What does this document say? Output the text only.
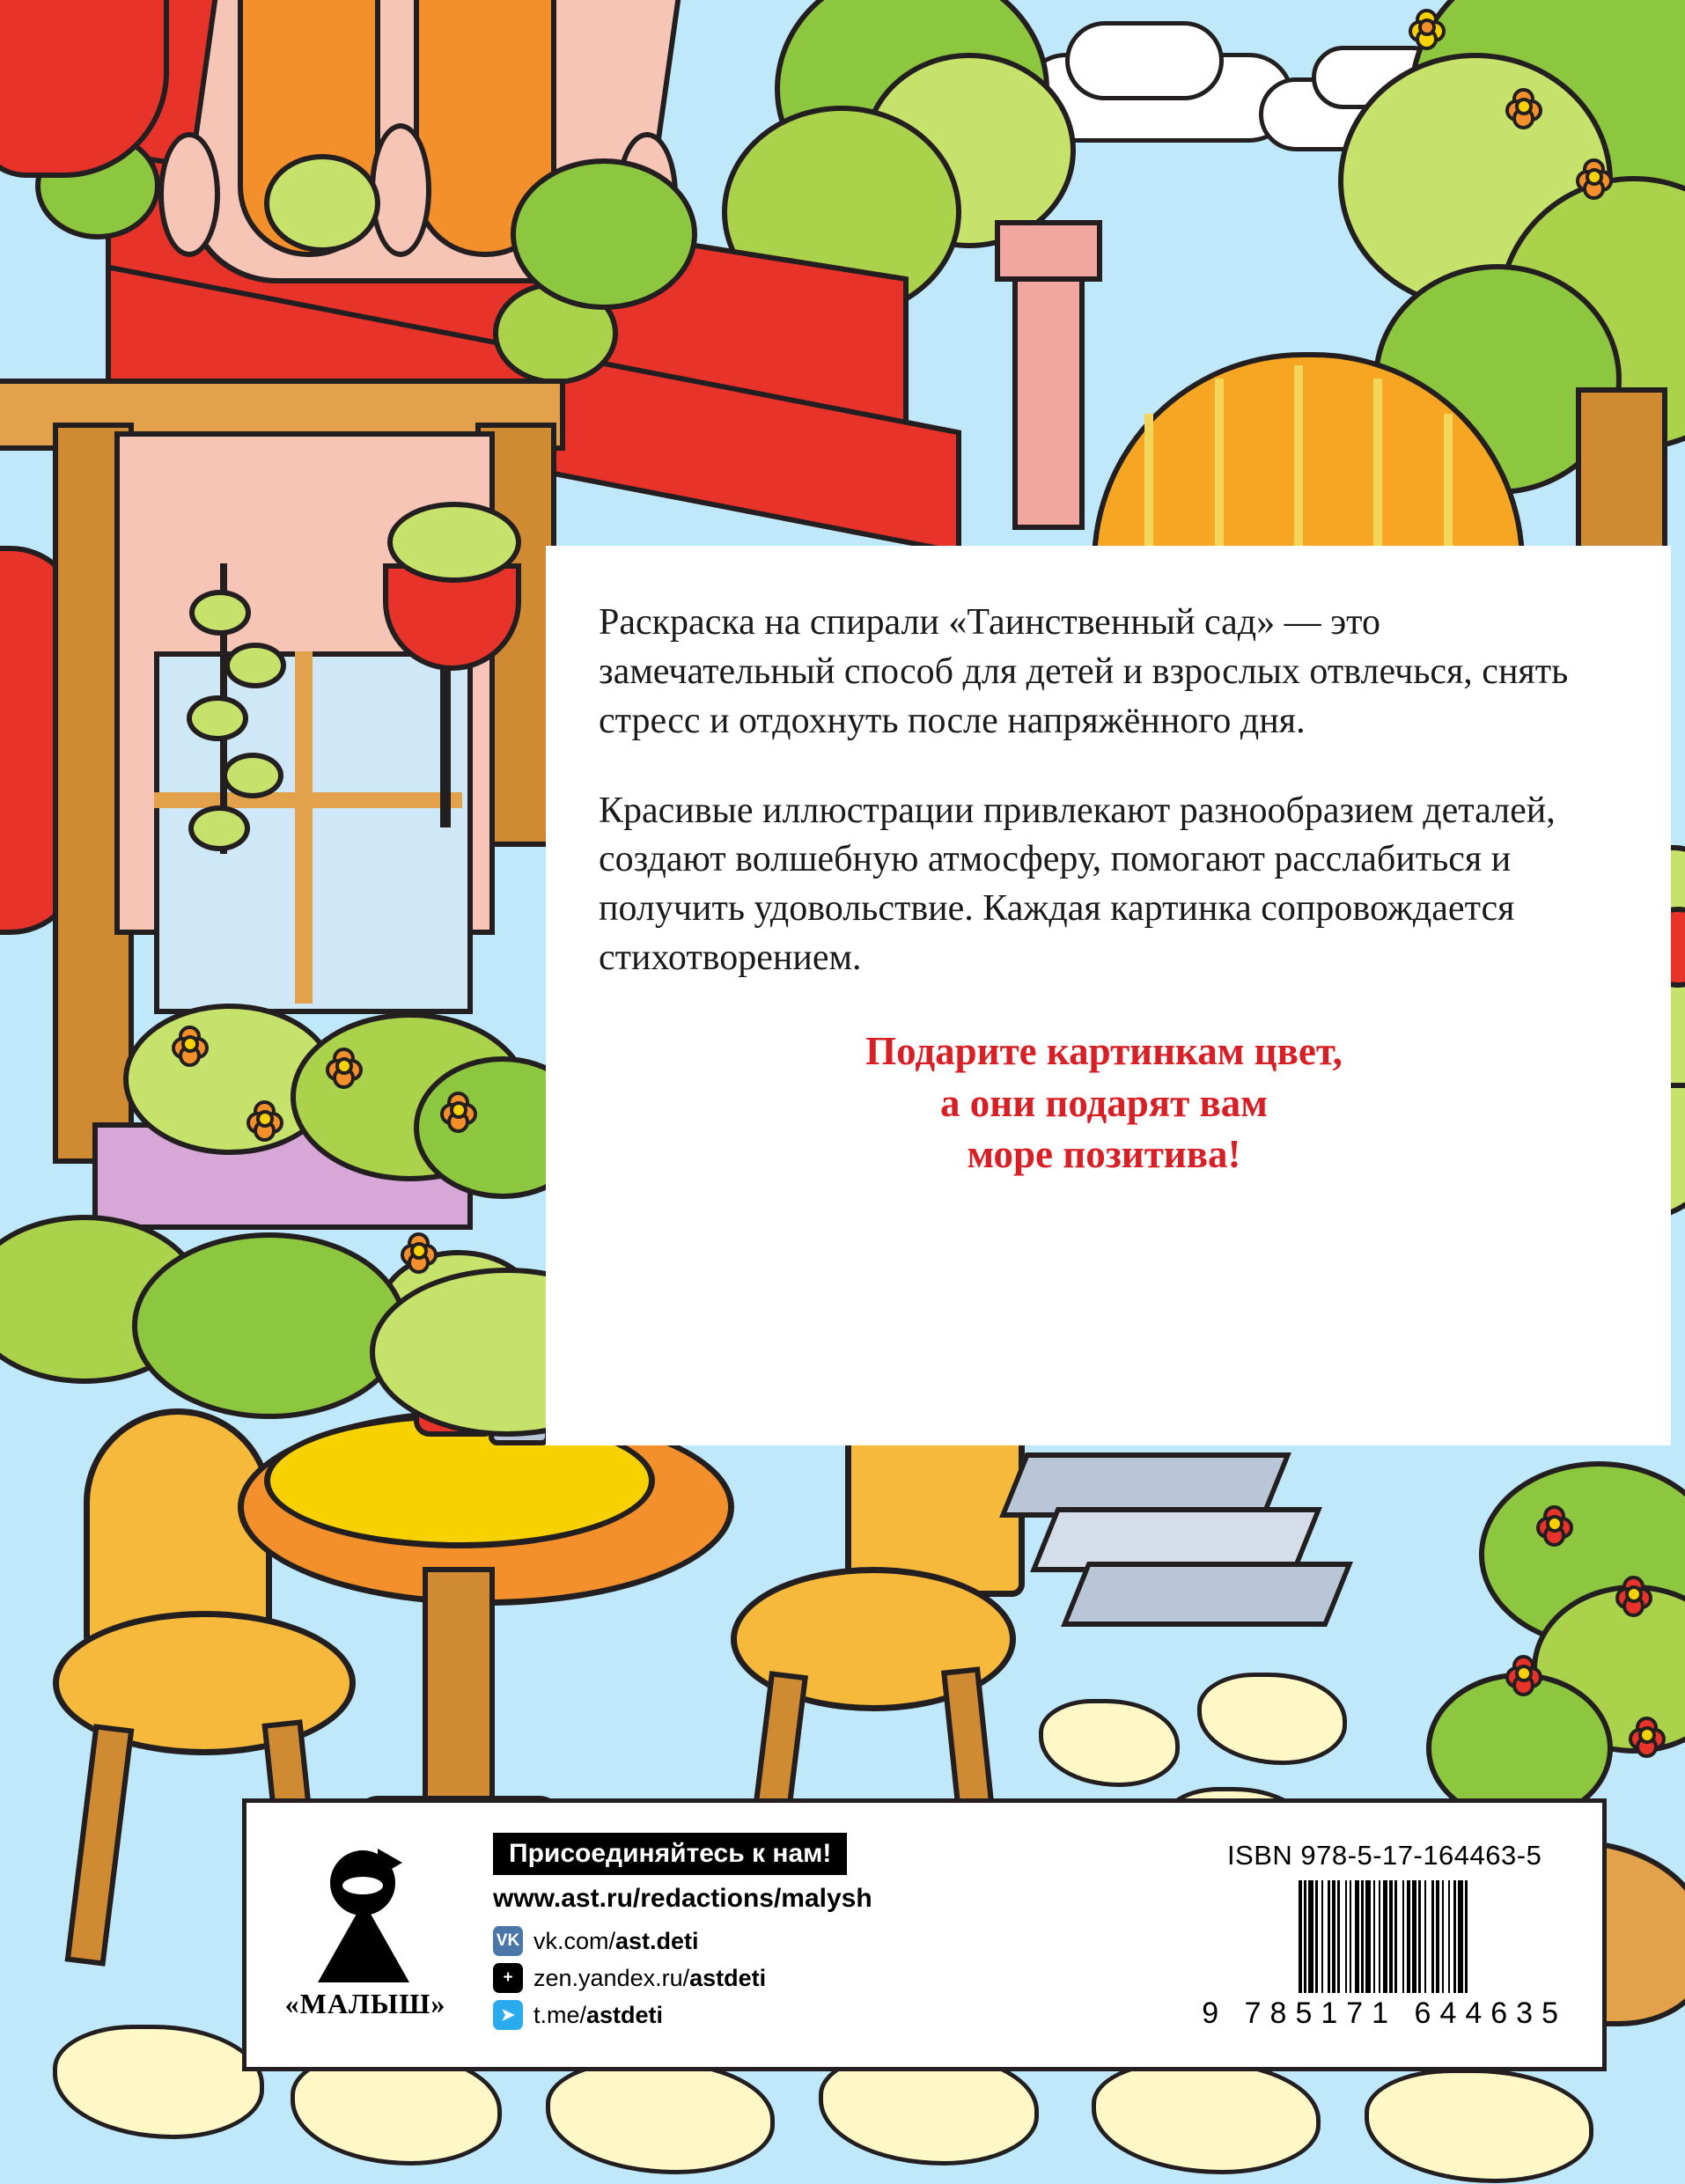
Раскраска на спирали «Таинственный сад» — это замечательный способ для детей и взрослых отвлечься, снять стресс и отдохнуть после напряжённого дня.

Красивые иллюстрации привлекают разнообразием деталей, создают волшебную атмосферу, помогают расслабиться и получить удовольствие. Каждая картинка сопровождается стихотворением.

Подарите картинкам цвет,
а они подарят вам
море позитива!
«МАЛЫШ»
Присоединяйтесь к нам!
www.ast.ru/redactions/malysh
VK vk.com/ ast.deti
+ zen.yandex.ru/ astdeti
➤ t.me/ astdeti
ISBN 978-5-17-164463-5
9 785171 644635
